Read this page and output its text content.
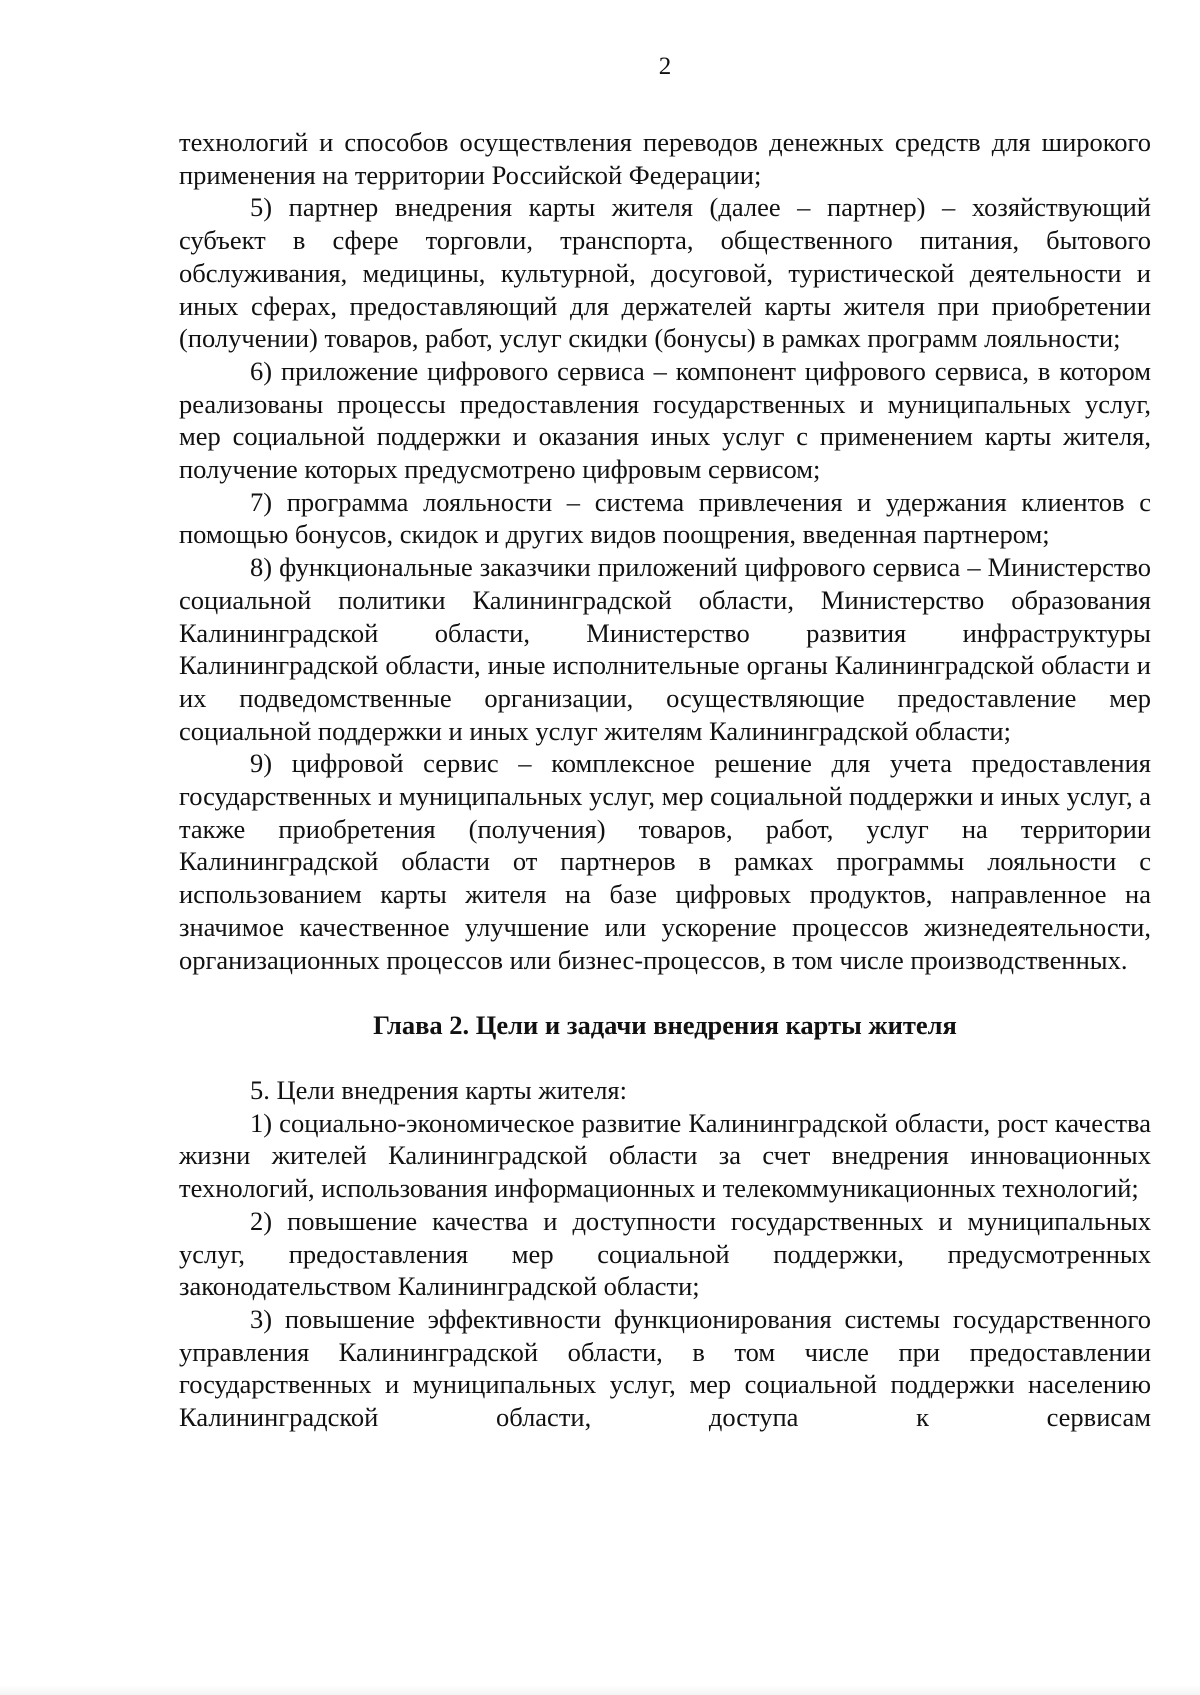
2

технологий и способов осуществления переводов денежных средств для широкого применения на территории Российской Федерации;

5) партнер внедрения карты жителя (далее – партнер) – хозяйствующий субъект в сфере торговли, транспорта, общественного питания, бытового обслуживания, медицины, культурной, досуговой, туристической деятельности и иных сферах, предоставляющий для держателей карты жителя при приобретении (получении) товаров, работ, услуг скидки (бонусы) в рамках программ лояльности;

6) приложение цифрового сервиса – компонент цифрового сервиса, в котором реализованы процессы предоставления государственных и муниципальных услуг, мер социальной поддержки и оказания иных услуг с применением карты жителя, получение которых предусмотрено цифровым сервисом;

7) программа лояльности – система привлечения и удержания клиентов с помощью бонусов, скидок и других видов поощрения, введенная партнером;

8) функциональные заказчики приложений цифрового сервиса – Министерство социальной политики Калининградской области, Министерство образования Калининградской области, Министерство развития инфраструктуры Калининградской области, иные исполнительные органы Калининградской области и их подведомственные организации, осуществляющие предоставление мер социальной поддержки и иных услуг жителям Калининградской области;

9) цифровой сервис – комплексное решение для учета предоставления государственных и муниципальных услуг, мер социальной поддержки и иных услуг, а также приобретения (получения) товаров, работ, услуг на территории Калининградской области от партнеров в рамках программы лояльности с использованием карты жителя на базе цифровых продуктов, направленное на значимое качественное улучшение или ускорение процессов жизнедеятельности, организационных процессов или бизнес-процессов, в том числе производственных.

Глава 2. Цели и задачи внедрения карты жителя

5. Цели внедрения карты жителя:

1) социально-экономическое развитие Калининградской области, рост качества жизни жителей Калининградской области за счет внедрения инновационных технологий, использования информационных и телекоммуникационных технологий;

2) повышение качества и доступности государственных и муниципальных услуг, предоставления мер социальной поддержки, предусмотренных законодательством Калининградской области;

3) повышение эффективности функционирования системы государственного управления Калининградской области, в том числе при предоставлении государственных и муниципальных услуг, мер социальной поддержки населению Калининградской области, доступа к сервисам
